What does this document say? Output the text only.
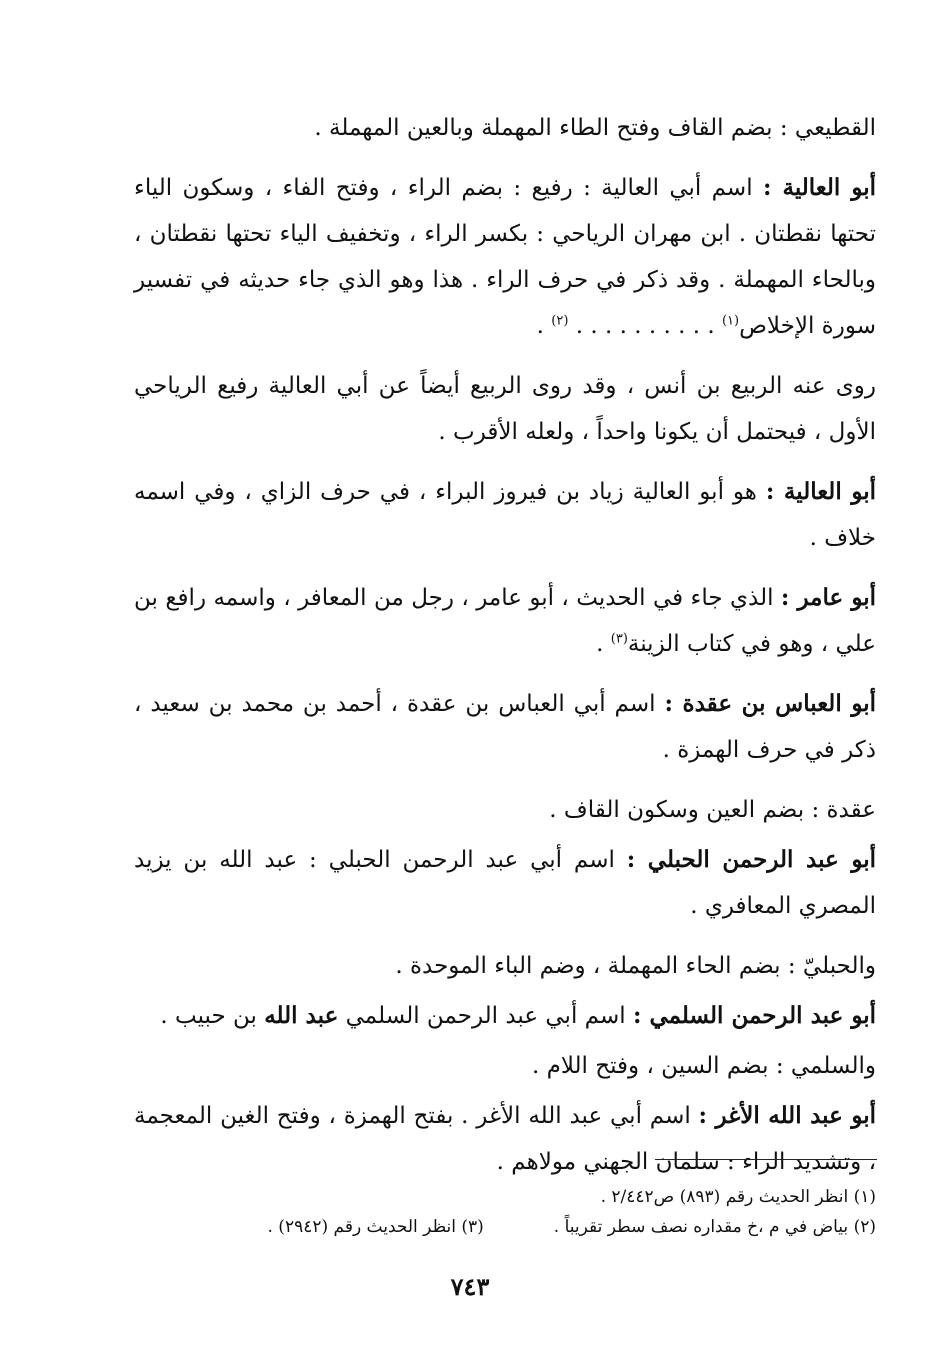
القطيعي : بضم القاف وفتح الطاء المهملة وبالعين المهملة .

أبو العالية : اسم أبي العالية : رفيع : بضم الراء ، وفتح الفاء ، وسكون الياء تحتها نقطتان . ابن مهران الرياحي : بكسر الراء ، وتخفيف الياء تحتها نقطتان ، وبالحاء المهملة . وقد ذكر في حرف الراء . هذا وهو الذي جاء حديثه في تفسير سورة الإخلاص$^{(١)}$ . . . . . . . . . . $^{(٢)}$ .

روى عنه الربيع بن أنس ، وقد روى الربيع أيضاً عن أبي العالية رفيع الرياحي الأول ، فيحتمل أن يكونا واحداً ، ولعله الأقرب .

أبو العالية : هو أبو العالية زياد بن فيروز البراء ، في حرف الزاي ، وفي اسمه خلاف .

أبو عامر : الذي جاء في الحديث ، أبو عامر ، رجل من المعافر ، واسمه رافع بن علي ، وهو في كتاب الزينة$^{(٣)}$ .

أبو العباس بن عقدة : اسم أبي العباس بن عقدة ، أحمد بن محمد بن سعيد ، ذكر في حرف الهمزة .

عقدة : بضم العين وسكون القاف .

أبو عبد الرحمن الحبلي : اسم أبي عبد الرحمن الحبلي : عبد الله بن يزيد المصري المعافري .

والحبليّ : بضم الحاء المهملة ، وضم الباء الموحدة .

أبو عبد الرحمن السلمي : اسم أبي عبد الرحمن السلمي عبد الله بن حبيب .

والسلمي : بضم السين ، وفتح اللام .

أبو عبد الله الأغر : اسم أبي عبد الله الأغر . بفتح الهمزة ، وفتح الغين المعجمة ، وتشديد الراء : سلمان الجهني مولاهم .

(١) انظر الحديث رقم (٨٩٣) ص٢/٤٤٢ .
(٢) بياض في م ،خ مقداره نصف سطر تقريباً .
(٣) انظر الحديث رقم (٢٩٤٢) .
٧٤٣
